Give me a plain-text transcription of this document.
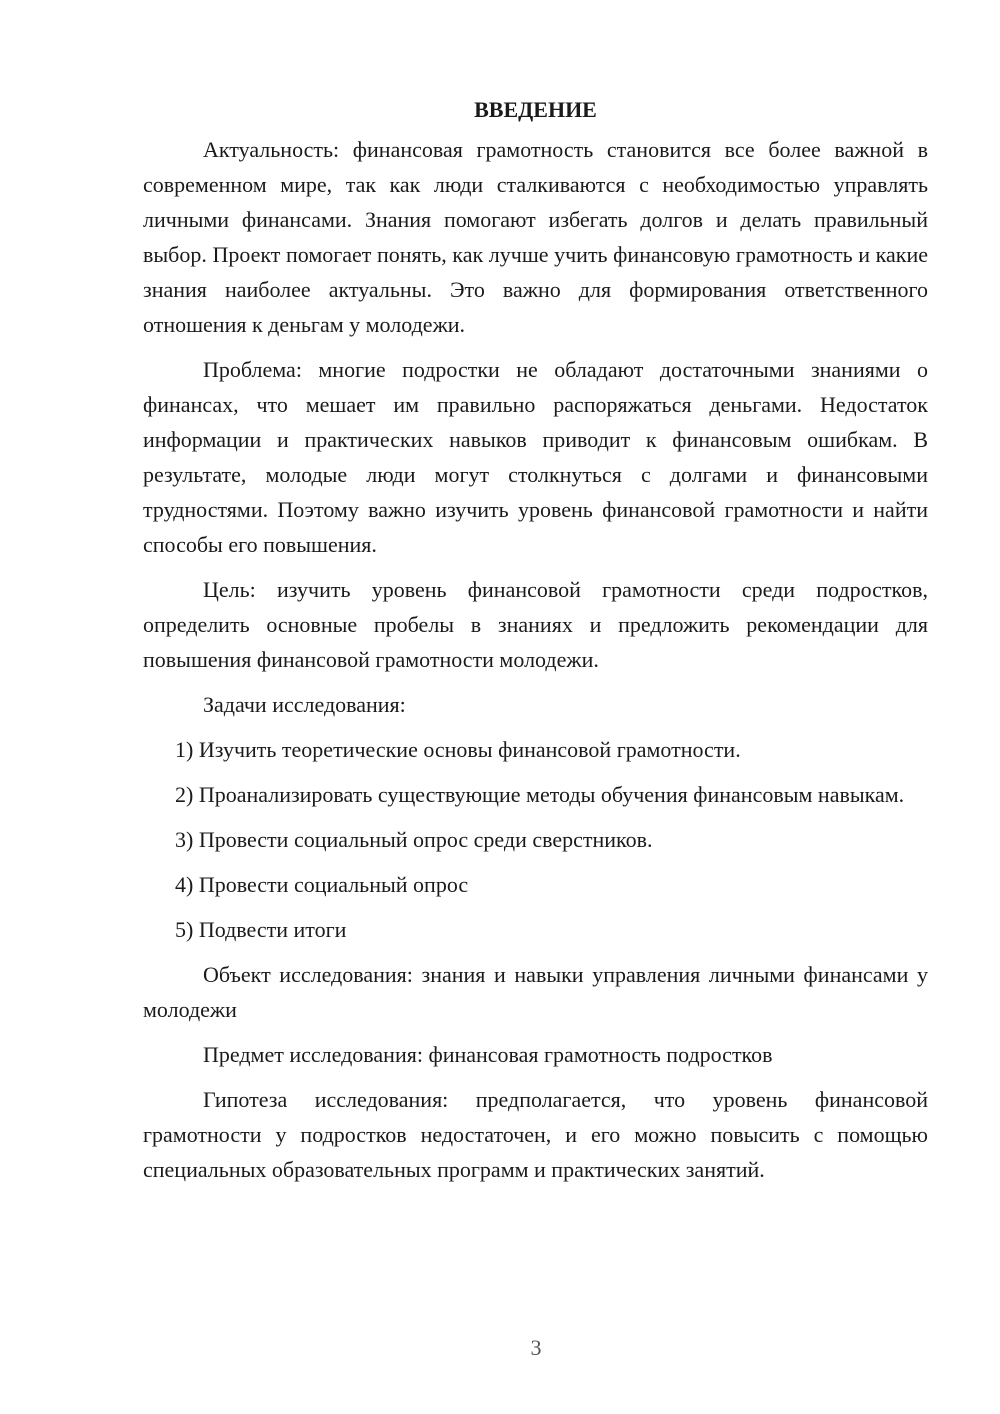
ВВЕДЕНИЕ

Актуальность: финансовая грамотность становится все более важной в современном мире, так как люди сталкиваются с необходимостью управлять личными финансами. Знания помогают избегать долгов и делать правильный выбор. Проект помогает понять, как лучше учить финансовую грамотность и какие знания наиболее актуальны. Это важно для формирования ответственного отношения к деньгам у молодежи.

Проблема: многие подростки не обладают достаточными знаниями о финансах, что мешает им правильно распоряжаться деньгами. Недостаток информации и практических навыков приводит к финансовым ошибкам. В результате, молодые люди могут столкнуться с долгами и финансовыми трудностями. Поэтому важно изучить уровень финансовой грамотности и найти способы его повышения.

Цель: изучить уровень финансовой грамотности среди подростков, определить основные пробелы в знаниях и предложить рекомендации для повышения финансовой грамотности молодежи.

Задачи исследования:

1) Изучить теоретические основы финансовой грамотности.

2) Проанализировать существующие методы обучения финансовым навыкам.

3) Провести социальный опрос среди сверстников.

4) Провести социальный опрос

5) Подвести итоги

Объект исследования: знания и навыки управления личными финансами у молодежи

Предмет исследования: финансовая грамотность подростков

Гипотеза исследования: предполагается, что уровень финансовой грамотности у подростков недостаточен, и его можно повысить с помощью специальных образовательных программ и практических занятий.

3
